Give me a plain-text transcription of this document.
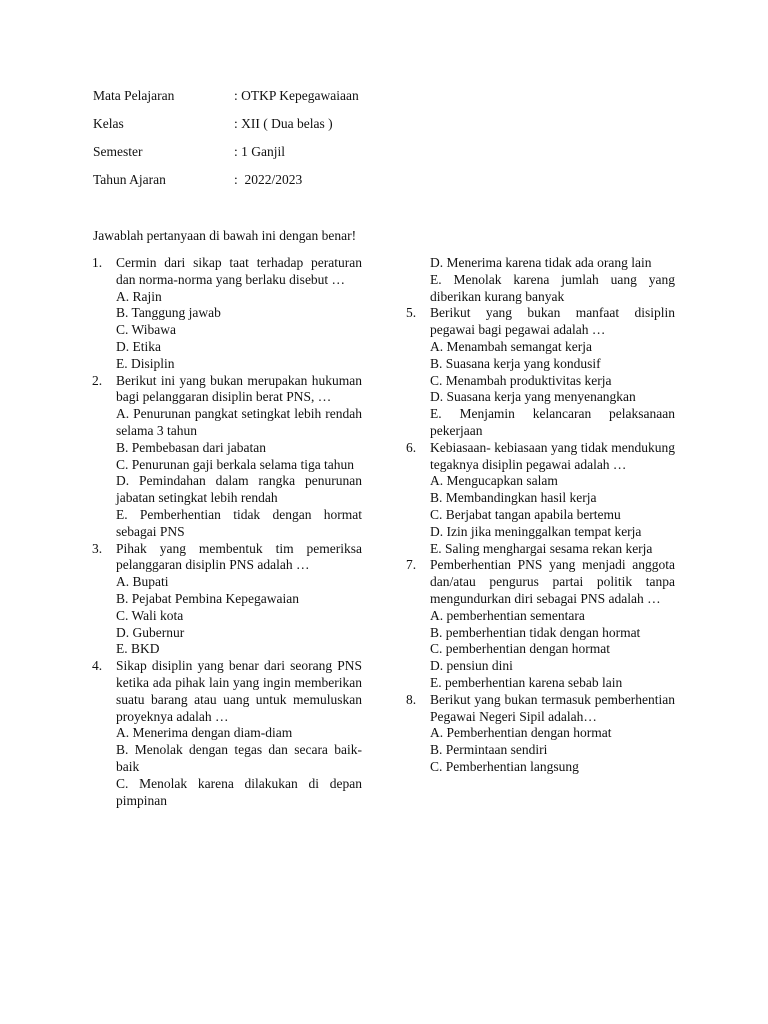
Mata Pelajaran	: OTKP Kepegawaiaan
Kelas	: XII ( Dua belas )
Semester	: 1 Ganjil
Tahun Ajaran	:  2022/2023
Jawablah pertanyaan di bawah ini dengan benar!
1. Cermin dari sikap taat terhadap peraturan dan norma-norma yang berlaku disebut …
A. Rajin
B. Tanggung jawab
C. Wibawa
D. Etika
E. Disiplin
2. Berikut ini yang bukan merupakan hukuman bagi pelanggaran disiplin berat PNS, …
A. Penurunan pangkat setingkat lebih rendah selama 3 tahun
B. Pembebasan dari jabatan
C. Penurunan gaji berkala selama tiga tahun
D. Pemindahan dalam rangka penurunan jabatan setingkat lebih rendah
E. Pemberhentian tidak dengan hormat sebagai PNS
3. Pihak yang membentuk tim pemeriksa pelanggaran disiplin PNS adalah …
A. Bupati
B. Pejabat Pembina Kepegawaian
C. Wali kota
D. Gubernur
E. BKD
4. Sikap disiplin yang benar dari seorang PNS ketika ada pihak lain yang ingin memberikan suatu barang atau uang untuk memuluskan proyeknya adalah …
A. Menerima dengan diam-diam
B. Menolak dengan tegas dan secara baik-baik
C. Menolak karena dilakukan di depan pimpinan
D. Menerima karena tidak ada orang lain
E. Menolak karena jumlah uang yang diberikan kurang banyak
5. Berikut yang bukan manfaat disiplin pegawai bagi pegawai adalah …
A. Menambah semangat kerja
B. Suasana kerja yang kondusif
C. Menambah produktivitas kerja
D. Suasana kerja yang menyenangkan
E. Menjamin kelancaran pelaksanaan pekerjaan
6. Kebiasaan- kebiasaan yang tidak mendukung tegaknya disiplin pegawai adalah …
A. Mengucapkan salam
B. Membandingkan hasil kerja
C. Berjabat tangan apabila bertemu
D. Izin jika meninggalkan tempat kerja
E. Saling menghargai sesama rekan kerja
7. Pemberhentian PNS yang menjadi anggota dan/atau pengurus partai politik tanpa mengundurkan diri sebagai PNS adalah …
A. pemberhentian sementara
B. pemberhentian tidak dengan hormat
C. pemberhentian dengan hormat
D. pensiun dini
E. pemberhentian karena sebab lain
8. Berikut yang bukan termasuk pemberhentian Pegawai Negeri Sipil adalah…
A. Pemberhentian dengan hormat
B. Permintaan sendiri
C. Pemberhentian langsung
